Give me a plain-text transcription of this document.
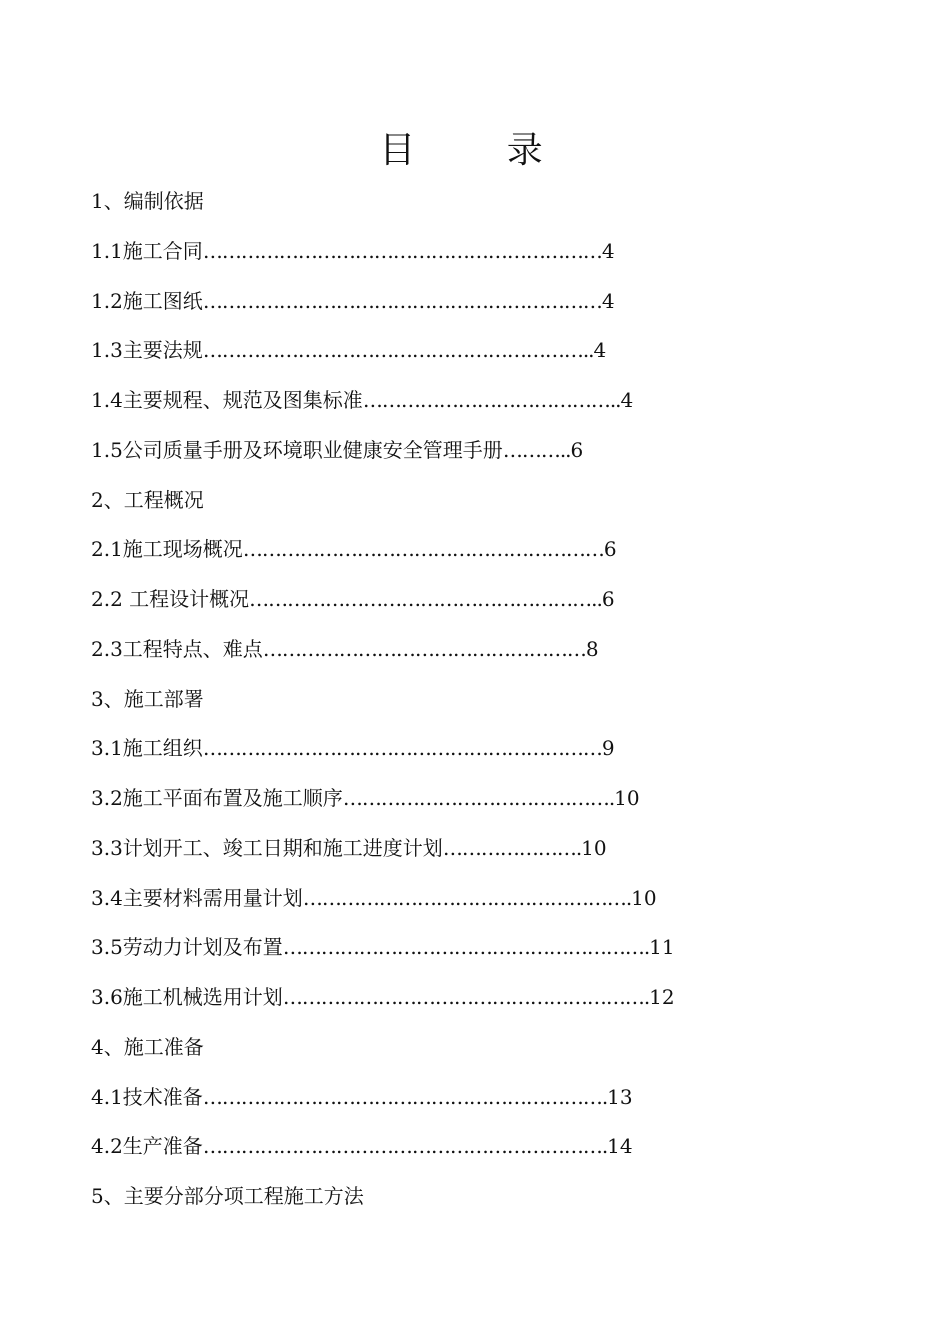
目 录
1、编制依据
1.1施工合同………………………………………………………4
1.2施工图纸………………………………………………………4
1.3主要法规……………………………………………………..4
1.4主要规程、规范及图集标准…………………………………..4
1.5公司质量手册及环境职业健康安全管理手册………..6
2、工程概况
2.1施工现场概况…………………………………………………6
2.2 工程设计概况………………………………………………..6
2.3工程特点、难点……………………………………………8
3、施工部署
3.1施工组织………………………………………………………9
3.2施工平面布置及施工顺序…………………………………….10
3.3计划开工、竣工日期和施工进度计划………………….10
3.4主要材料需用量计划…………………………………………….10
3.5劳动力计划及布置………………………………………………….11
3.6施工机械选用计划………………………………………………….12
4、施工准备
4.1技术准备……………………………………………………….13
4.2生产准备……………………………………………………….14
5、主要分部分项工程施工方法
